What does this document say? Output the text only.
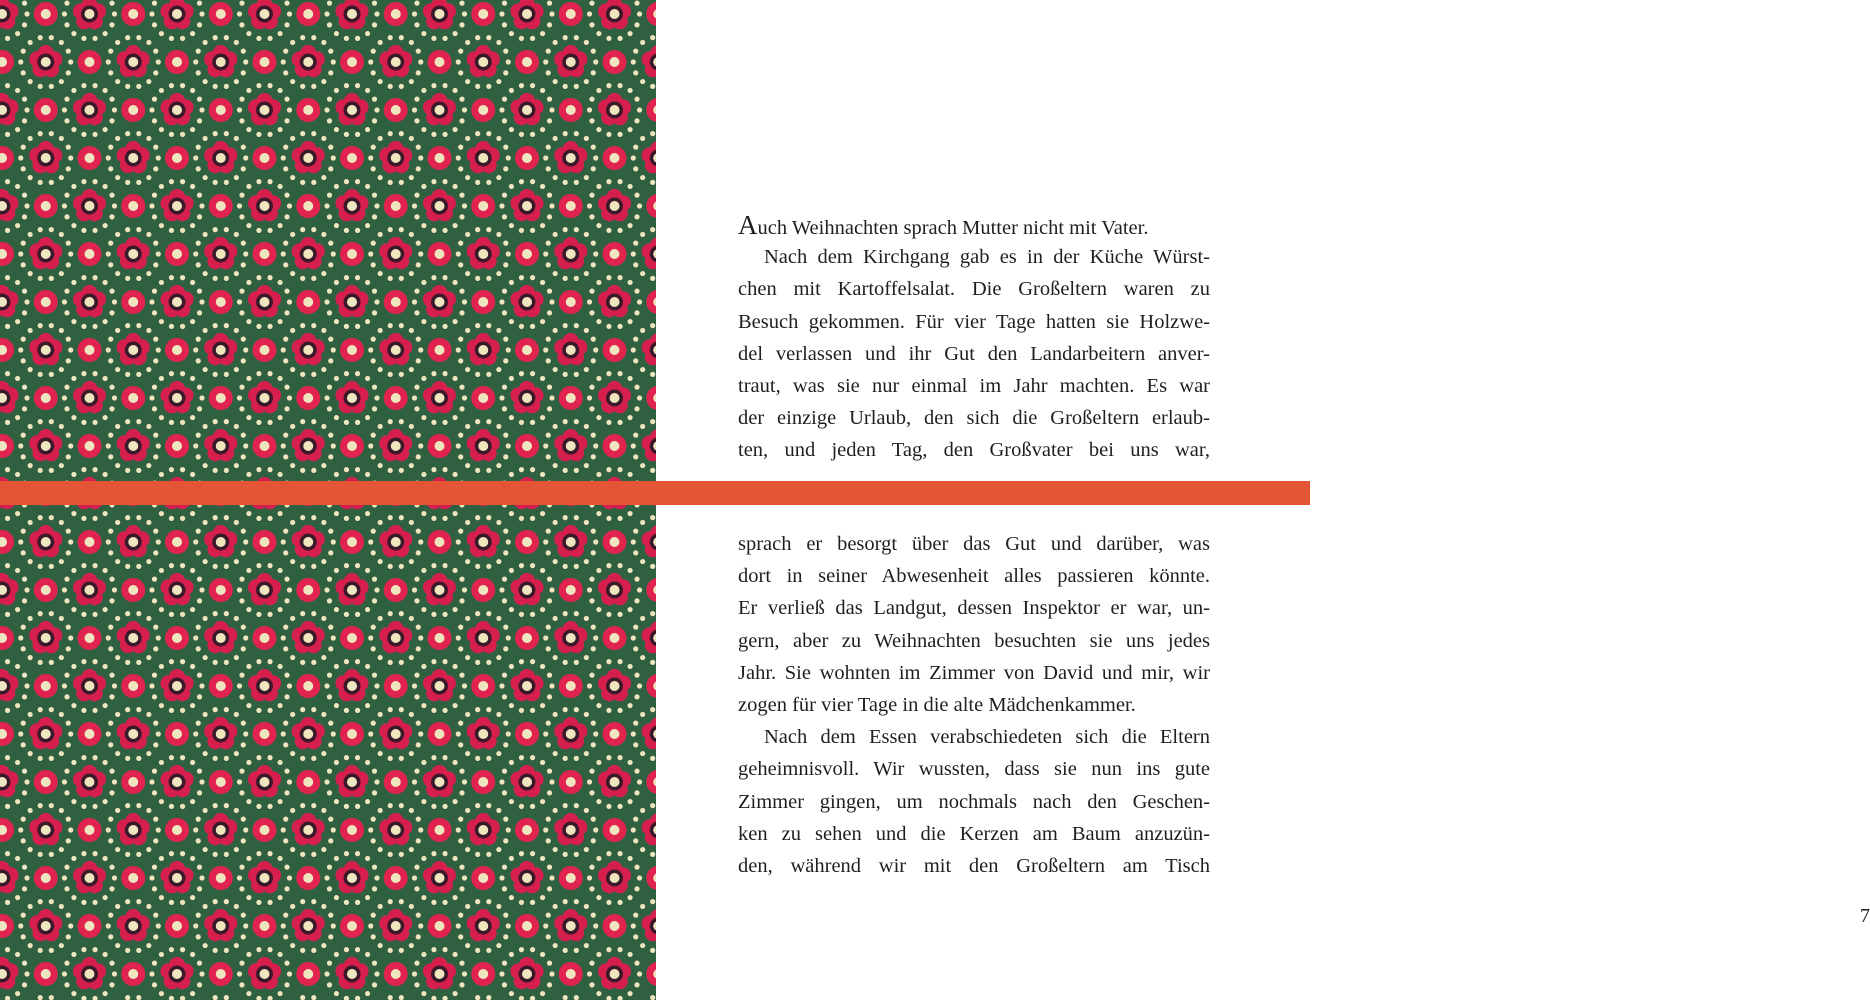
Auch Weihnachten sprach Mutter nicht mit Vater.
Nach dem Kirchgang gab es in der Küche Würst-
chen mit Kartoffelsalat. Die Großeltern waren zu
Besuch gekommen. Für vier Tage hatten sie Holzwe-
del verlassen und ihr Gut den Landarbeitern anver-
traut, was sie nur einmal im Jahr machten. Es war
der einzige Urlaub, den sich die Großeltern erlaub-
ten, und jeden Tag, den Großvater bei uns war,
sprach er besorgt über das Gut und darüber, was
dort in seiner Abwesenheit alles passieren könnte.
Er verließ das Landgut, dessen Inspektor er war, un-
gern, aber zu Weihnachten besuchten sie uns jedes
Jahr. Sie wohnten im Zimmer von David und mir, wir
zogen für vier Tage in die alte Mädchenkammer.
Nach dem Essen verabschiedeten sich die Eltern
geheimnisvoll. Wir wussten, dass sie nun ins gute
Zimmer gingen, um nochmals nach den Geschen-
ken zu sehen und die Kerzen am Baum anzuzün-
den, während wir mit den Großeltern am Tisch
7
